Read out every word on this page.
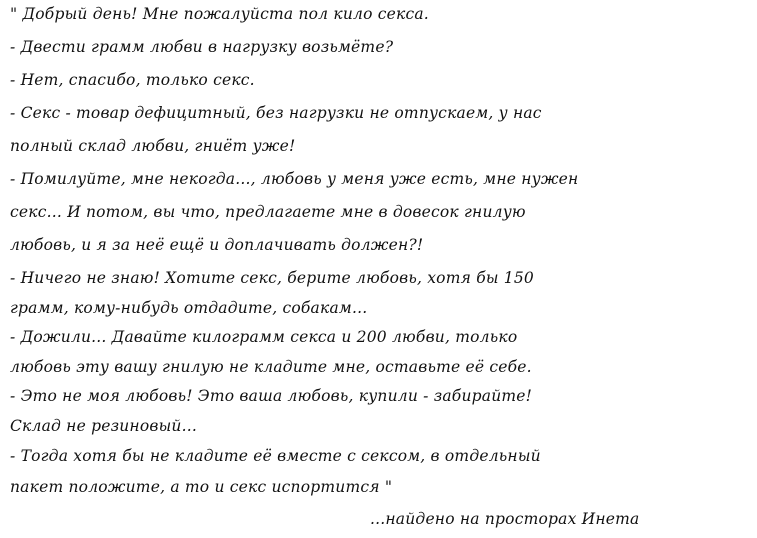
" Добрый день! Мне пожалуйста пол кило секса.
- Двести грамм любви в нагрузку возьмёте?
- Нет, спасибо, только секс.
- Секс - товар дефицитный, без нагрузки не отпускаем, у нас
полный склад любви, гниёт уже!
- Помилуйте, мне некогда..., любовь у меня уже есть, мне нужен
секс... И потом, вы что, предлагаете мне в довесок гнилую
любовь, и я за неё ещё и доплачивать должен?!
- Ничего не знаю! Хотите секс, берите любовь, хотя бы 150
грамм, кому-нибудь отдадите, собакам...
- Дожили... Давайте килограмм секса и 200 любви, только
любовь эту вашу гнилую не кладите мне, оставьте её себе.
- Это не моя любовь! Это ваша любовь, купили - забирайте!
Склад не резиновый...
- Тогда хотя бы не кладите её вместе с сексом, в отдельный
пакет положите, а то и секс испортится "
...найдено на просторах Инета
